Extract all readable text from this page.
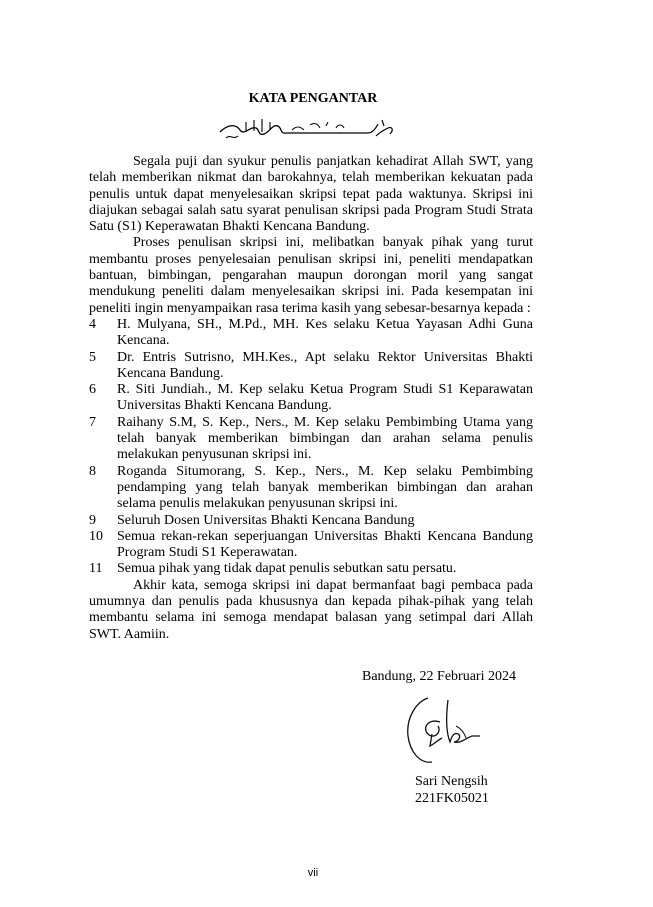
KATA PENGANTAR

Segala puji dan syukur penulis panjatkan kehadirat Allah SWT, yang telah memberikan nikmat dan barokahnya, telah memberikan kekuatan pada penulis untuk dapat menyelesaikan skripsi tepat pada waktunya. Skripsi ini diajukan sebagai salah satu syarat penulisan skripsi pada Program Studi Strata Satu (S1) Keperawatan Bhakti Kencana Bandung.

Proses penulisan skripsi ini, melibatkan banyak pihak yang turut membantu proses penyelesaian penulisan skripsi ini, peneliti mendapatkan bantuan, bimbingan, pengarahan maupun dorongan moril yang sangat mendukung peneliti dalam menyelesaikan skripsi ini. Pada kesempatan ini peneliti ingin menyampaikan rasa terima kasih yang sebesar-besarnya kepada :

4 H. Mulyana, SH., M.Pd., MH. Kes selaku Ketua Yayasan Adhi Guna Kencana.
5 Dr. Entris Sutrisno, MH.Kes., Apt selaku Rektor Universitas Bhakti Kencana Bandung.
6 R. Siti Jundiah., M. Kep selaku Ketua Program Studi S1 Keparawatan Universitas Bhakti Kencana Bandung.
7 Raihany S.M, S. Kep., Ners., M. Kep selaku Pembimbing Utama yang telah banyak memberikan bimbingan dan arahan selama penulis melakukan penyusunan skripsi ini.
8 Roganda Situmorang, S. Kep., Ners., M. Kep selaku Pembimbing pendamping yang telah banyak memberikan bimbingan dan arahan selama penulis melakukan penyusunan skripsi ini.
9 Seluruh Dosen Universitas Bhakti Kencana Bandung
10 Semua rekan-rekan seperjuangan Universitas Bhakti Kencana Bandung Program Studi S1 Keperawatan.
11 Semua pihak yang tidak dapat penulis sebutkan satu persatu.

Akhir kata, semoga skripsi ini dapat bermanfaat bagi pembaca pada umumnya dan penulis pada khususnya dan kepada pihak-pihak yang telah membantu selama ini semoga mendapat balasan yang setimpal dari Allah SWT. Aamiin.

Bandung, 22 Februari 2024
Sari Nengsih
221FK05021
vii
